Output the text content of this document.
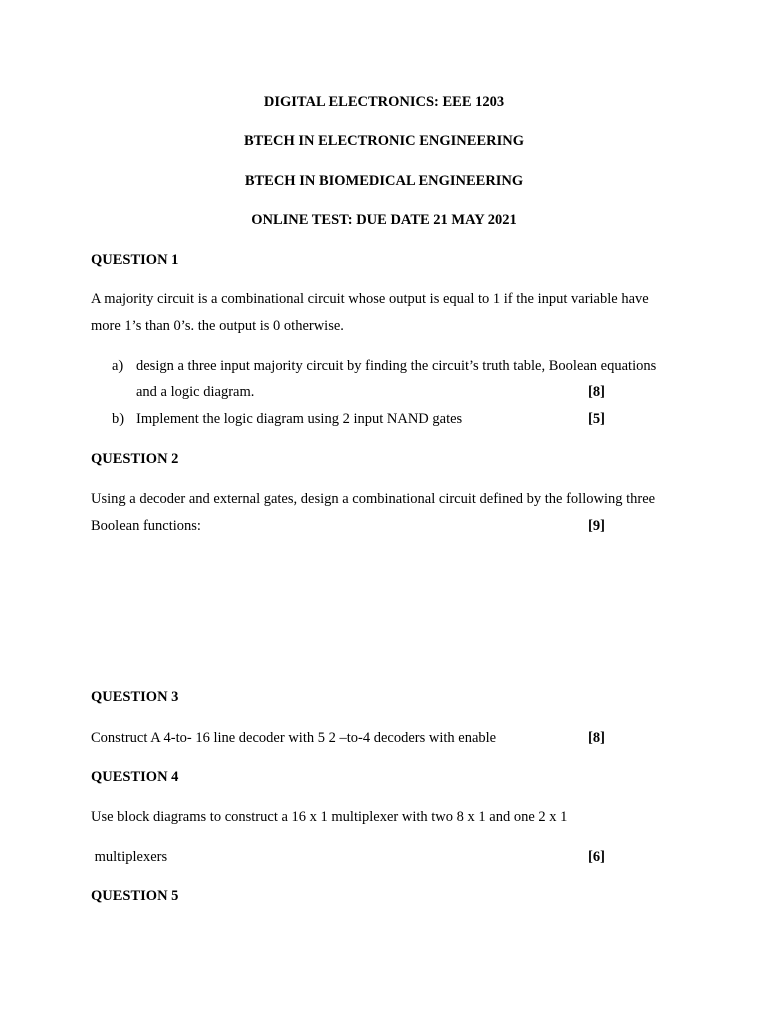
DIGITAL ELECTRONICS: EEE 1203
BTECH IN ELECTRONIC ENGINEERING
BTECH IN BIOMEDICAL ENGINEERING
ONLINE TEST: DUE DATE 21 MAY 2021
QUESTION 1
A majority circuit is a combinational circuit whose output is equal to 1 if the input variable have
more 1’s than 0’s. the output is 0 otherwise.
a) design a three input majority circuit by finding the circuit’s truth table, Boolean equations
and a logic diagram.	[8]
b) Implement the logic diagram using 2 input NAND gates	[5]
QUESTION 2
Using a decoder and external gates, design a combinational circuit defined by the following three
Boolean functions:	[9]
QUESTION 3
Construct A 4-to- 16 line decoder with 5 2 –to-4 decoders with enable	[8]
QUESTION 4
Use block diagrams to construct a 16 x 1 multiplexer with two 8 x 1 and one 2 x 1
multiplexers	[6]
QUESTION 5
